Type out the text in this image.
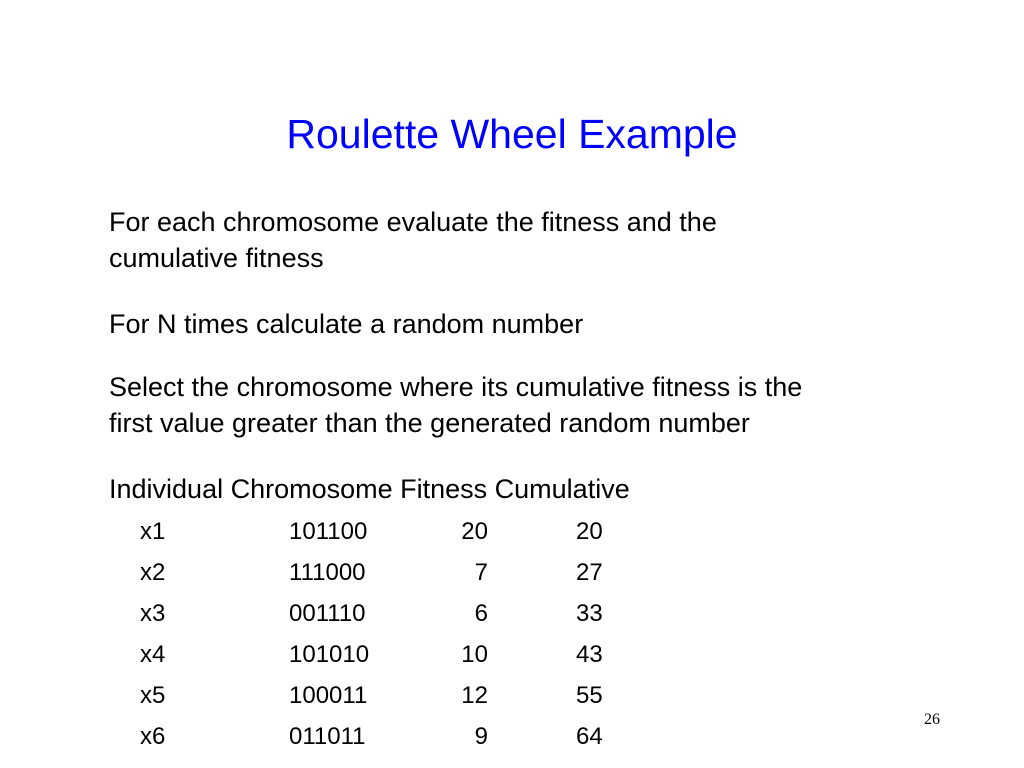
Roulette Wheel Example
For each chromosome evaluate the fitness and the
cumulative fitness
For N times calculate a random number
Select the chromosome where its cumulative fitness is the
first value greater than the generated random number
Individual Chromosome Fitness Cumulative
x1	101100	20	20
x2	111000	7	27
x3	001110	6	33
x4	101010	10	43
x5	100011	12	55
x6	011011	9	64
26
